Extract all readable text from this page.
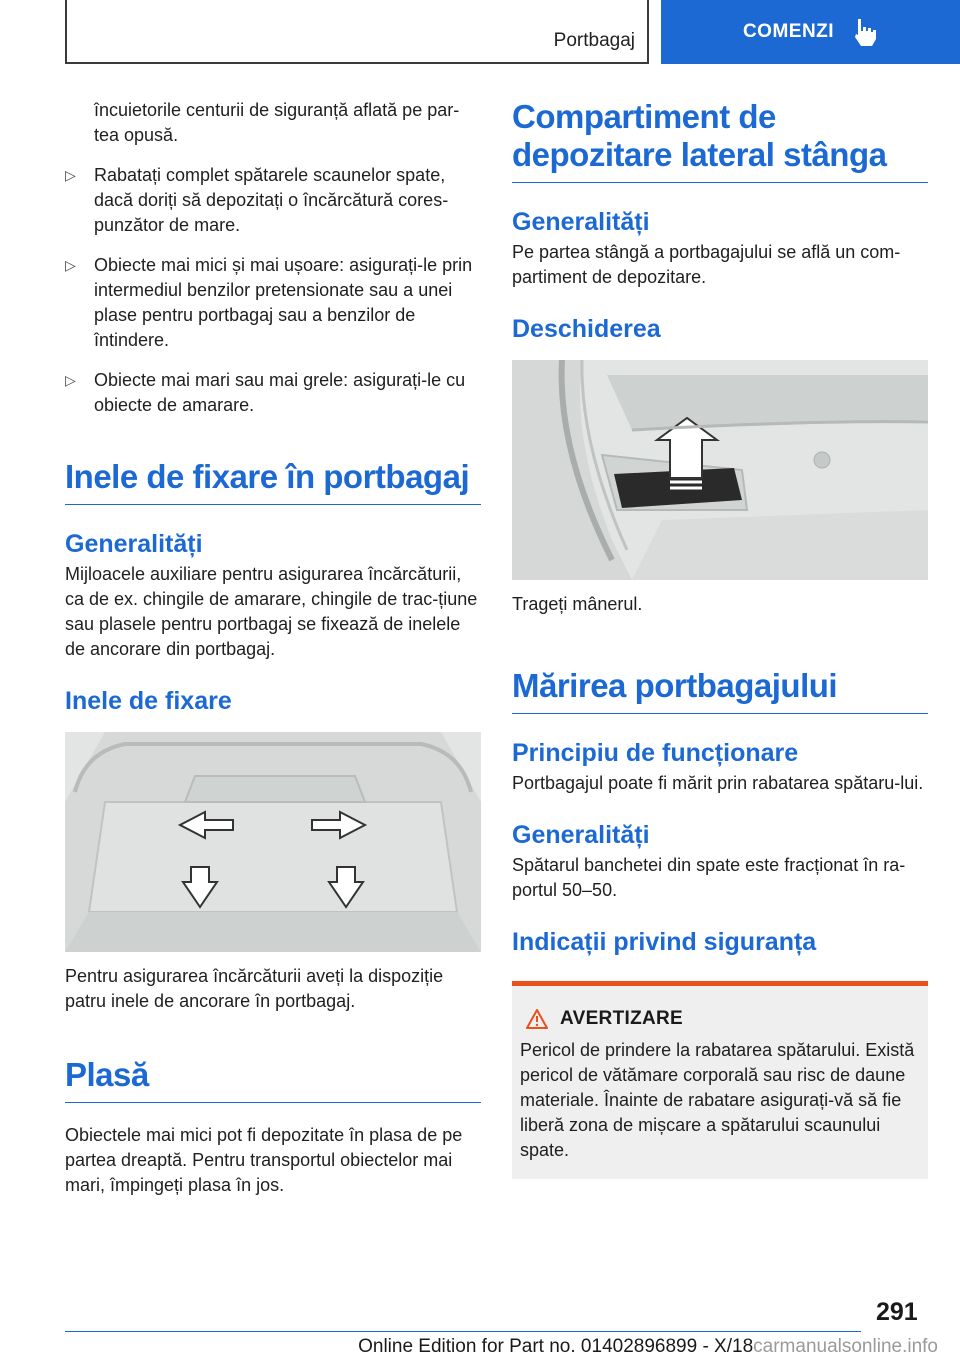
Portbagaj	COMENZI

încuietorile centurii de siguranță aflată pe par-tea opusă.

▷	Rabatați complet spătarele scaunelor spate, dacă doriți să depozitați o încărcătură cores-punzător de mare.

▷	Obiecte mai mici și mai ușoare: asigurați-le prin intermediul benzilor pretensionate sau a unei plase pentru portbagaj sau a benzilor de întindere.

▷	Obiecte mai mari sau mai grele: asigurați-le cu obiecte de amarare.

Inele de fixare în portbagaj
Generalități

Mijloacele auxiliare pentru asigurarea încărcăturii, ca de ex. chingile de amarare, chingile de trac-țiune sau plasele pentru portbagaj se fixează de inelele de ancorare din portbagaj.

Inele de fixare

Pentru asigurarea încărcăturii aveți la dispoziție patru inele de ancorare în portbagaj.

Plasă

Obiectele mai mici pot fi depozitate în plasa de pe partea dreaptă. Pentru transportul obiectelor mai mari, împingeți plasa în jos.

Compartiment de depozitare lateral stânga
Generalități

Pe partea stângă a portbagajului se află un com-partiment de depozitare.

Deschiderea

Trageți mânerul.

Mărirea portbagajului
Principiu de funcționare

Portbagajul poate fi mărit prin rabatarea spătaru-lui.

Generalități

Spătarul banchetei din spate este fracționat în ra-portul 50–50.

Indicații privind siguranța
AVERTIZARE

Pericol de prindere la rabatarea spătarului. Există pericol de vătămare corporală sau risc de daune materiale. Înainte de rabatare asigurați-vă să fie liberă zona de mișcare a spătarului scaunului spate.

291
Online Edition for Part no. 01402896899 - X/18carmanualsonline.info
